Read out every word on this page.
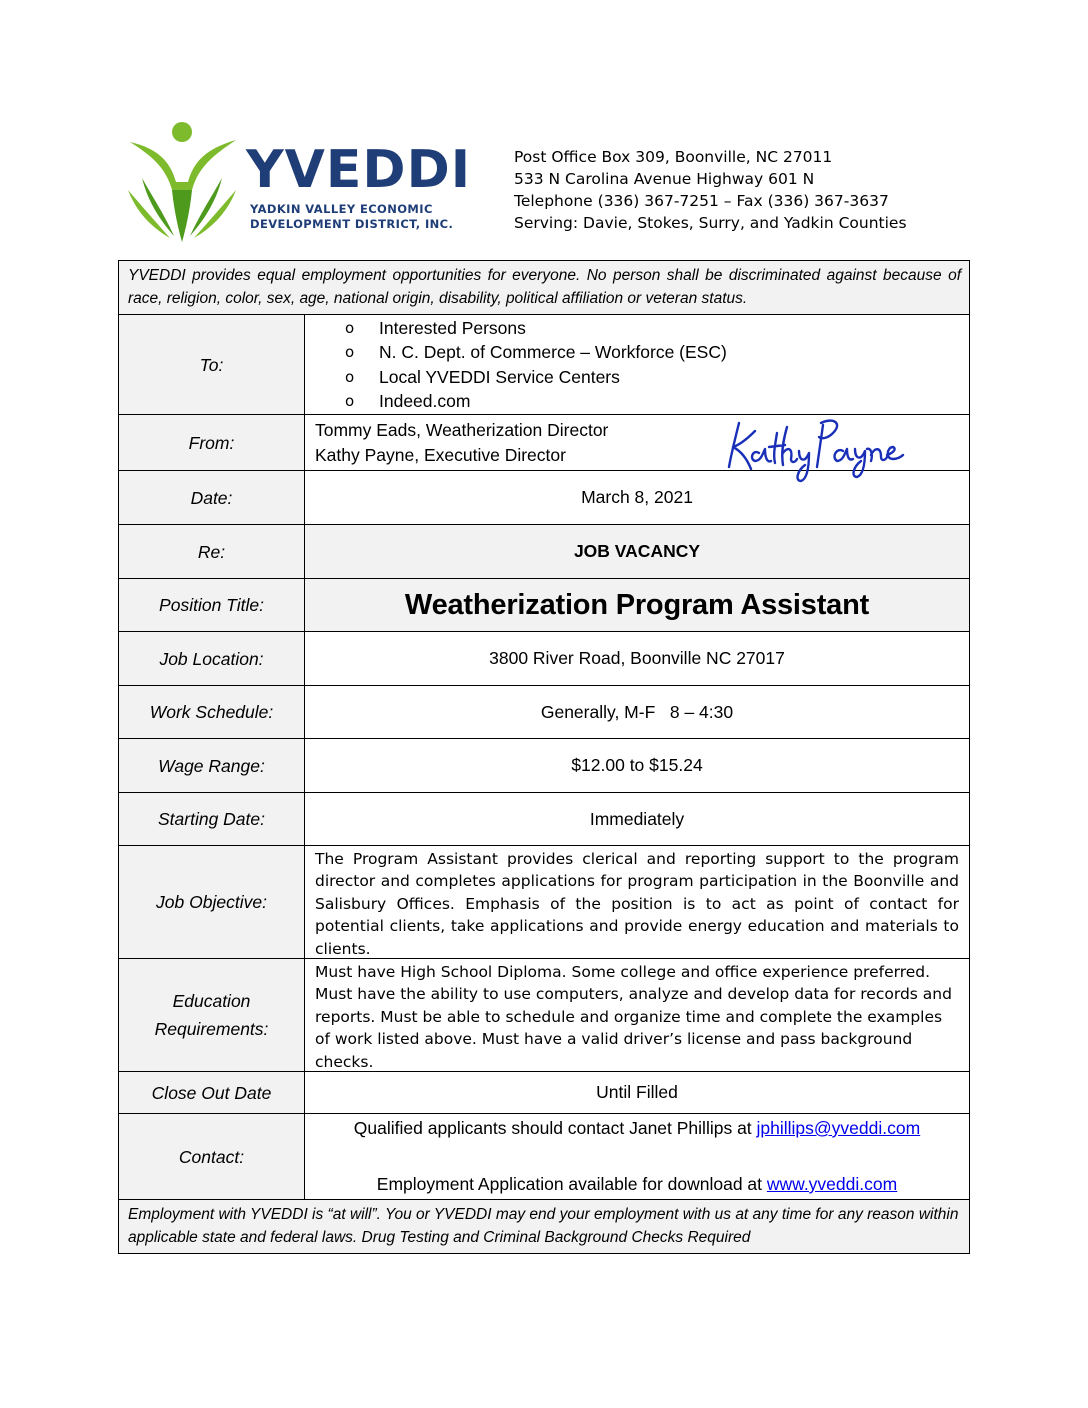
YVEDDI
YADKIN VALLEY ECONOMIC
DEVELOPMENT DISTRICT, INC.
Post Office Box 309, Boonville, NC 27011
533 N Carolina Avenue Highway 601 N
Telephone (336) 367-7251 – Fax (336) 367-3637
Serving: Davie, Stokes, Surry, and Yadkin Counties
YVEDDI provides equal employment opportunities for everyone. No person shall be discriminated against because of race, religion, color, sex, age, national origin, disability, political affiliation or veteran status.
To:
o Interested Persons
o N. C. Dept. of Commerce – Workforce (ESC)
o Local YVEDDI Service Centers
o Indeed.com
From:
Tommy Eads, Weatherization Director
Kathy Payne, Executive Director
Date:	March 8, 2021
Re:	JOB VACANCY
Position Title:	Weatherization Program Assistant
Job Location:	3800 River Road, Boonville NC 27017
Work Schedule:	Generally, M-F   8 – 4:30
Wage Range:	$12.00 to $15.24
Starting Date:	Immediately
Job Objective:
The Program Assistant provides clerical and reporting support to the program director and completes applications for program participation in the Boonville and Salisbury Offices. Emphasis of the position is to act as point of contact for potential clients, take applications and provide energy education and materials to clients.
Education
Requirements:
Must have High School Diploma. Some college and office experience preferred. Must have the ability to use computers, analyze and develop data for records and reports. Must be able to schedule and organize time and complete the examples of work listed above. Must have a valid driver’s license and pass background checks.
Close Out Date	Until Filled
Contact:
Qualified applicants should contact Janet Phillips at jphillips@yveddi.com
Employment Application available for download at www.yveddi.com
Employment with YVEDDI is “at will”. You or YVEDDI may end your employment with us at any time for any reason within applicable state and federal laws. Drug Testing and Criminal Background Checks Required
